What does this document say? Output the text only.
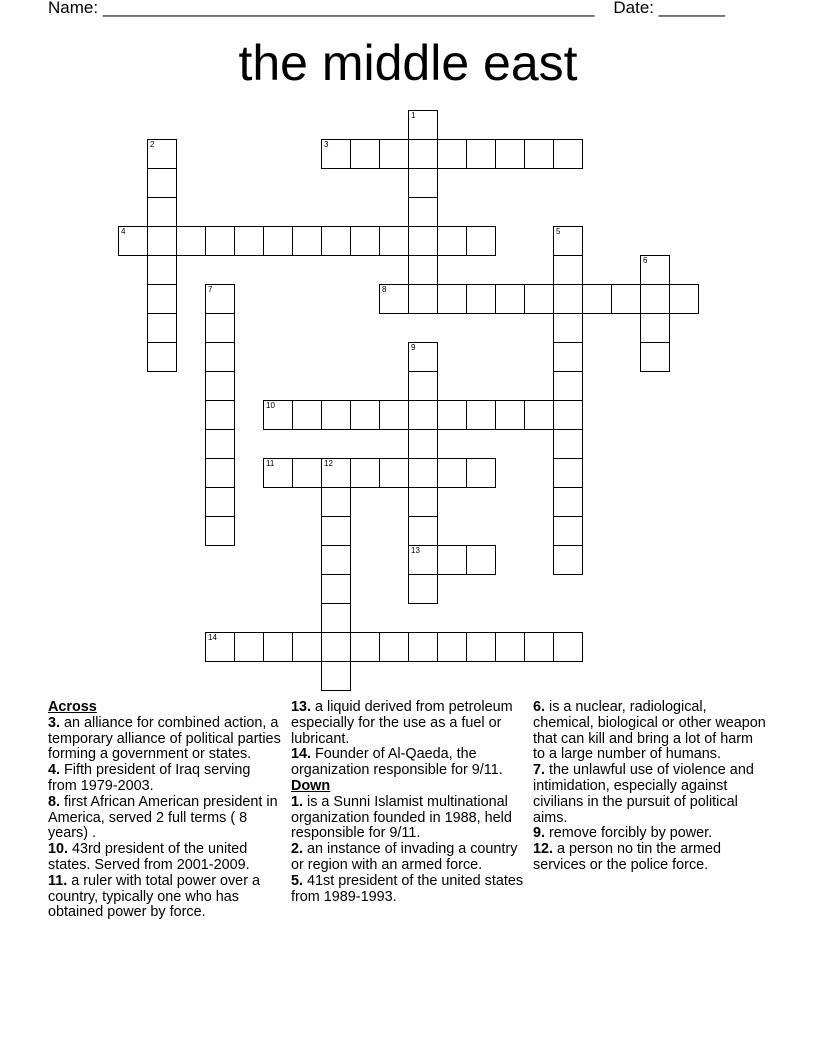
Name: ____________________________________________________ Date: _______
the middle east
1
2	3
4	5
6
7	8
9
13
10
11	12
14
Across
3. an alliance for combined action, a temporary alliance of political parties forming a government or states.
4. Fifth president of Iraq serving from 1979-2003.
8. first African American president in America, served 2 full terms ( 8 years) .
10. 43rd president of the united states. Served from 2001-2009.
11. a ruler with total power over a country, typically one who has obtained power by force.
13. a liquid derived from petroleum especially for the use as a fuel or lubricant.
14. Founder of Al-Qaeda, the organization responsible for 9/11.
Down
1. is a Sunni Islamist multinational organization founded in 1988, held responsible for 9/11.
2. an instance of invading a country or region with an armed force.
5. 41st president of the united states from 1989-1993.
6. is a nuclear, radiological, chemical, biological or other weapon that can kill and bring a lot of harm to a large number of humans.
7. the unlawful use of violence and intimidation, especially against civilians in the pursuit of political aims.
9. remove forcibly by power.
12. a person no tin the armed services or the police force.
